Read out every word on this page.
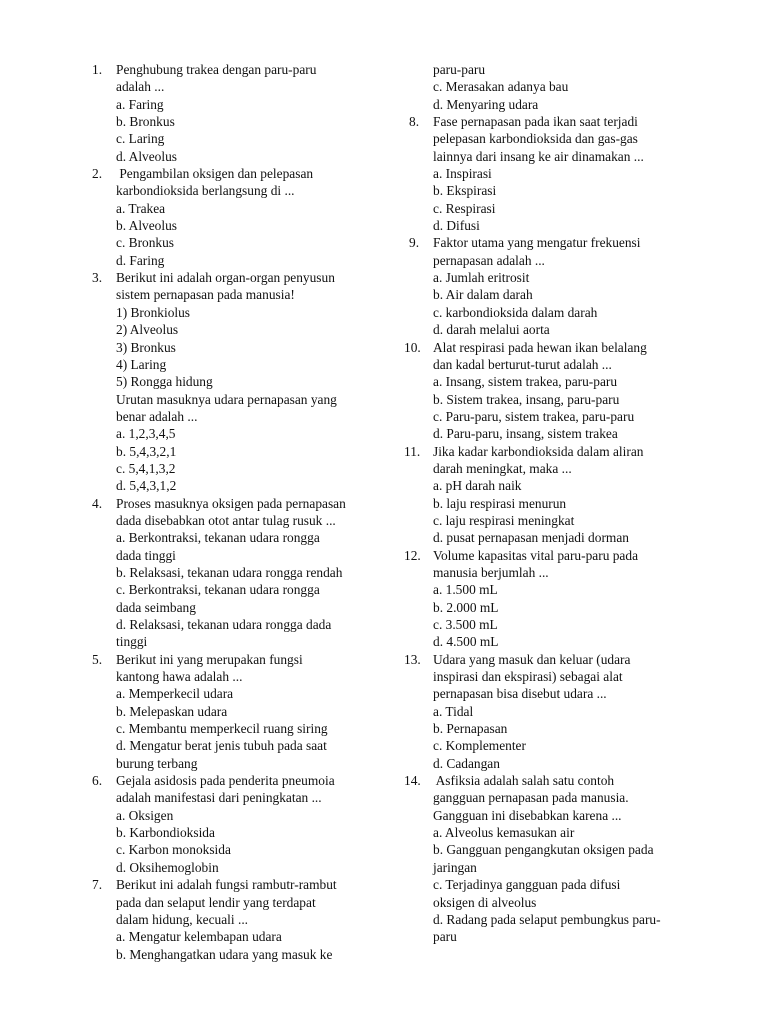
1.	Penghubung trakea dengan paru-paru
adalah ...
a. Faring
b. Bronkus
c. Laring
d. Alveolus
2.	Pengambilan oksigen dan pelepasan
karbondioksida berlangsung di ...
a. Trakea
b. Alveolus
c. Bronkus
d. Faring
3.	Berikut ini adalah organ-organ penyusun
sistem pernapasan pada manusia!
1) Bronkiolus
2) Alveolus
3) Bronkus
4) Laring
5) Rongga hidung
Urutan masuknya udara pernapasan yang
benar adalah ...
a. 1,2,3,4,5
b. 5,4,3,2,1
c. 5,4,1,3,2
d. 5,4,3,1,2
4.	Proses masuknya oksigen pada pernapasan
dada disebabkan otot antar tulag rusuk ...
a. Berkontraksi, tekanan udara rongga
dada tinggi
b. Relaksasi, tekanan udara rongga rendah
c. Berkontraksi, tekanan udara rongga
dada seimbang
d. Relaksasi, tekanan udara rongga dada
tinggi
5.	Berikut ini yang merupakan fungsi
kantong hawa adalah ...
a. Memperkecil udara
b. Melepaskan udara
c. Membantu memperkecil ruang siring
d. Mengatur berat jenis tubuh pada saat
burung terbang
6.	Gejala asidosis pada penderita pneumoia
adalah manifestasi dari peningkatan ...
a. Oksigen
b. Karbondioksida
c. Karbon monoksida
d. Oksihemoglobin
7.	Berikut ini adalah fungsi rambutr-rambut
pada dan selaput lendir yang terdapat
dalam hidung, kecuali ...
a. Mengatur kelembapan udara
b. Menghangatkan udara yang masuk ke
paru-paru
c. Merasakan adanya bau
d. Menyaring udara
8.	Fase pernapasan pada ikan saat terjadi
pelepasan karbondioksida dan gas-gas
lainnya dari insang ke air dinamakan ...
a. Inspirasi
b. Ekspirasi
c. Respirasi
d. Difusi
9.	Faktor utama yang mengatur frekuensi
pernapasan adalah ...
a. Jumlah eritrosit
b. Air dalam darah
c. karbondioksida dalam darah
d. darah melalui aorta
10. Alat respirasi pada hewan ikan belalang
dan kadal berturut-turut adalah ...
a. Insang, sistem trakea, paru-paru
b. Sistem trakea, insang, paru-paru
c. Paru-paru, sistem trakea, paru-paru
d. Paru-paru, insang, sistem trakea
11. Jika kadar karbondioksida dalam aliran
darah meningkat, maka ...
a. pH darah naik
b. laju respirasi menurun
c. laju respirasi meningkat
d. pusat pernapasan menjadi dorman
12. Volume kapasitas vital paru-paru pada
manusia berjumlah ...
a. 1.500 mL
b. 2.000 mL
c. 3.500 mL
d. 4.500 mL
13. Udara yang masuk dan keluar (udara
inspirasi dan ekspirasi) sebagai alat
pernapasan bisa disebut udara ...
a. Tidal
b. Pernapasan
c. Komplementer
d. Cadangan
14. Asfiksia adalah salah satu contoh
gangguan pernapasan pada manusia.
Gangguan ini disebabkan karena ...
a. Alveolus kemasukan air
b. Gangguan pengangkutan oksigen pada
jaringan
c. Terjadinya gangguan pada difusi
oksigen di alveolus
d. Radang pada selaput pembungkus paru-
paru
